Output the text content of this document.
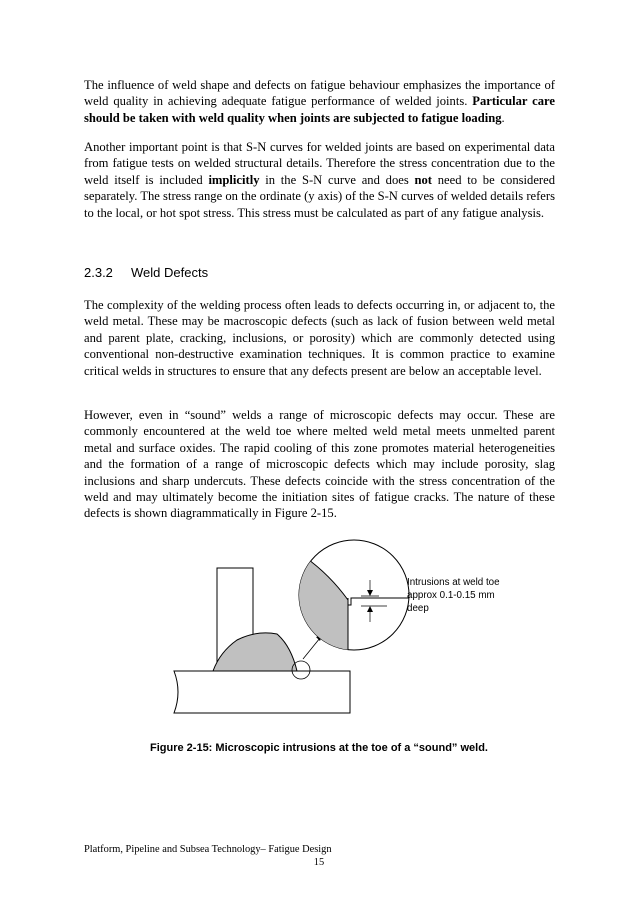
The influence of weld shape and defects on fatigue behaviour emphasizes the importance of weld quality in achieving adequate fatigue performance of welded joints. Particular care should be taken with weld quality when joints are subjected to fatigue loading.

Another important point is that S-N curves for welded joints are based on experimental data from fatigue tests on welded structural details. Therefore the stress concentration due to the weld itself is included implicitly in the S-N curve and does not need to be considered separately. The stress range on the ordinate (y axis) of the S-N curves of welded details refers to the local, or hot spot stress. This stress must be calculated as part of any fatigue analysis.

2.3.2 Weld Defects

The complexity of the welding process often leads to defects occurring in, or adjacent to, the weld metal. These may be macroscopic defects (such as lack of fusion between weld metal and parent plate, cracking, inclusions, or porosity) which are commonly detected using conventional non-destructive examination techniques. It is common practice to examine critical welds in structures to ensure that any defects present are below an acceptable level.

However, even in “sound” welds a range of microscopic defects may occur. These are commonly encountered at the weld toe where melted weld metal meets unmelted parent metal and surface oxides. The rapid cooling of this zone promotes material heterogeneities and the formation of a range of microscopic defects which may include porosity, slag inclusions and sharp undercuts. These defects coincide with the stress concentration of the weld and may ultimately become the initiation sites of fatigue cracks. The nature of these defects is shown diagrammatically in Figure 2-15.

Intrusions at weld toe
approx 0.1-0.15 mm
deep
Figure 2-15: Microscopic intrusions at the toe of a “sound” weld.
Platform, Pipeline and Subsea Technology– Fatigue Design
15
